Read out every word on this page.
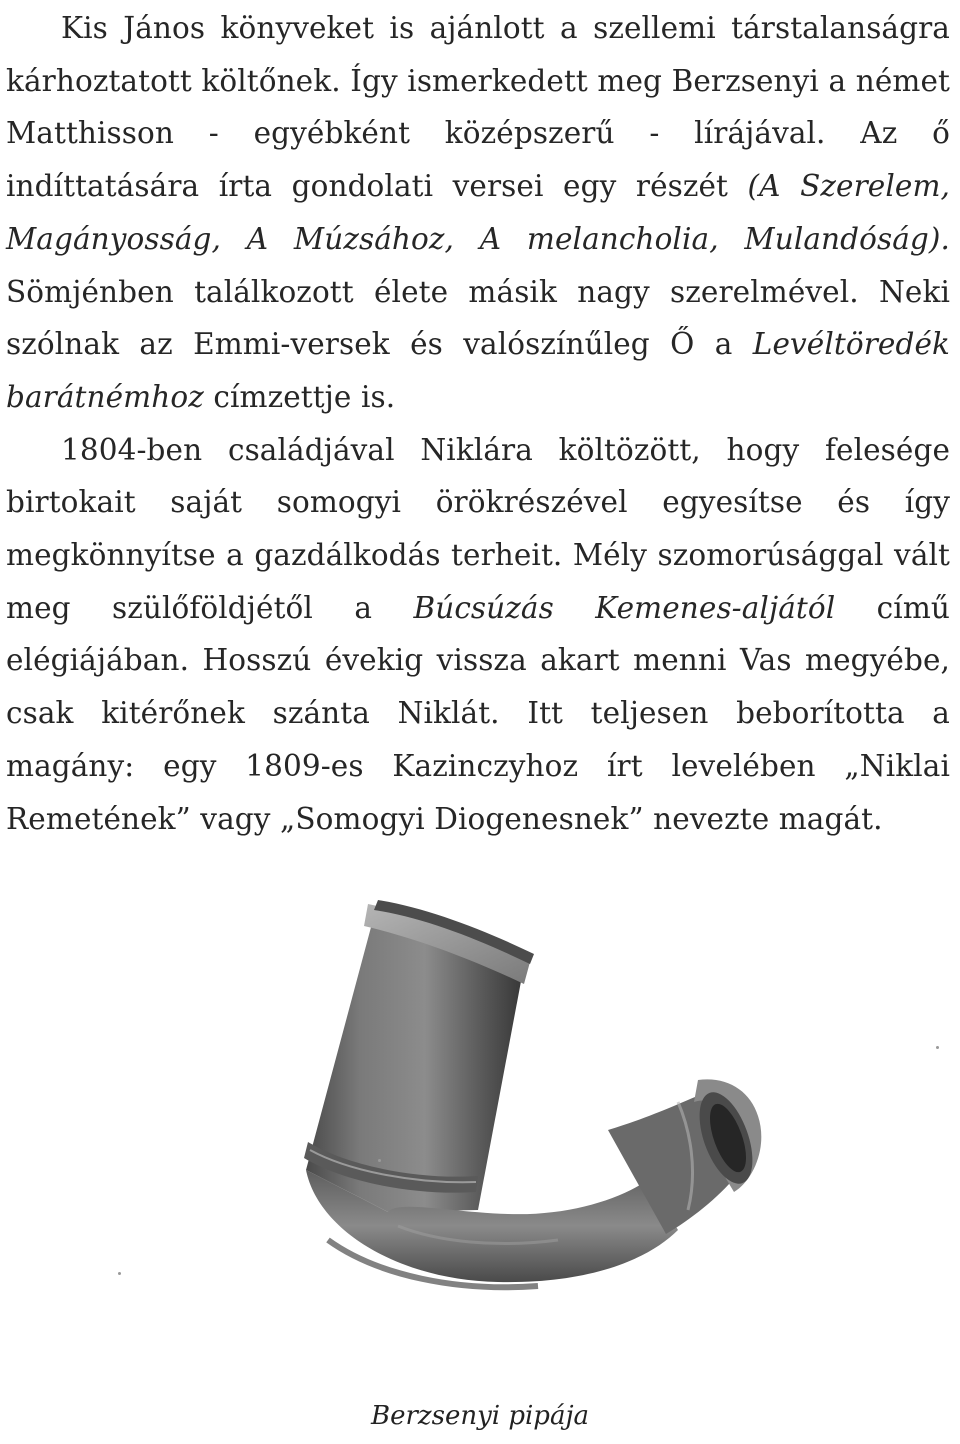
Kis János könyveket is ajánlott a szellemi társtalanságra kárhoztatott költőnek. Így ismerkedett meg Berzsenyi a német Matthisson - egyébként középszerű - lírájával. Az ő indíttatására írta gondolati versei egy részét (A Szerelem, Magányosság, A Múzsához, A melancholia, Mulandóság). Sömjénben találkozott élete másik nagy szerelmével. Neki szólnak az Emmi-versek és valószínűleg Ő a Levéltöredék barátnémhoz címzettje is.

1804-ben családjával Niklára költözött, hogy felesége birtokait saját somogyi örökrészével egyesítse és így megkönnyítse a gazdálkodás terheit. Mély szomorúsággal vált meg szülőföldjétől a Búcsúzás Kemenes-aljától című elégiájában. Hosszú évekig vissza akart menni Vas megyébe, csak kitérőnek szánta Niklát. Itt teljesen beborította a magány: egy 1809-es Kazinczyhoz írt levelében „Niklai Remetének” vagy „Somogyi Diogenesnek” nevezte magát.

Berzsenyi pipája
